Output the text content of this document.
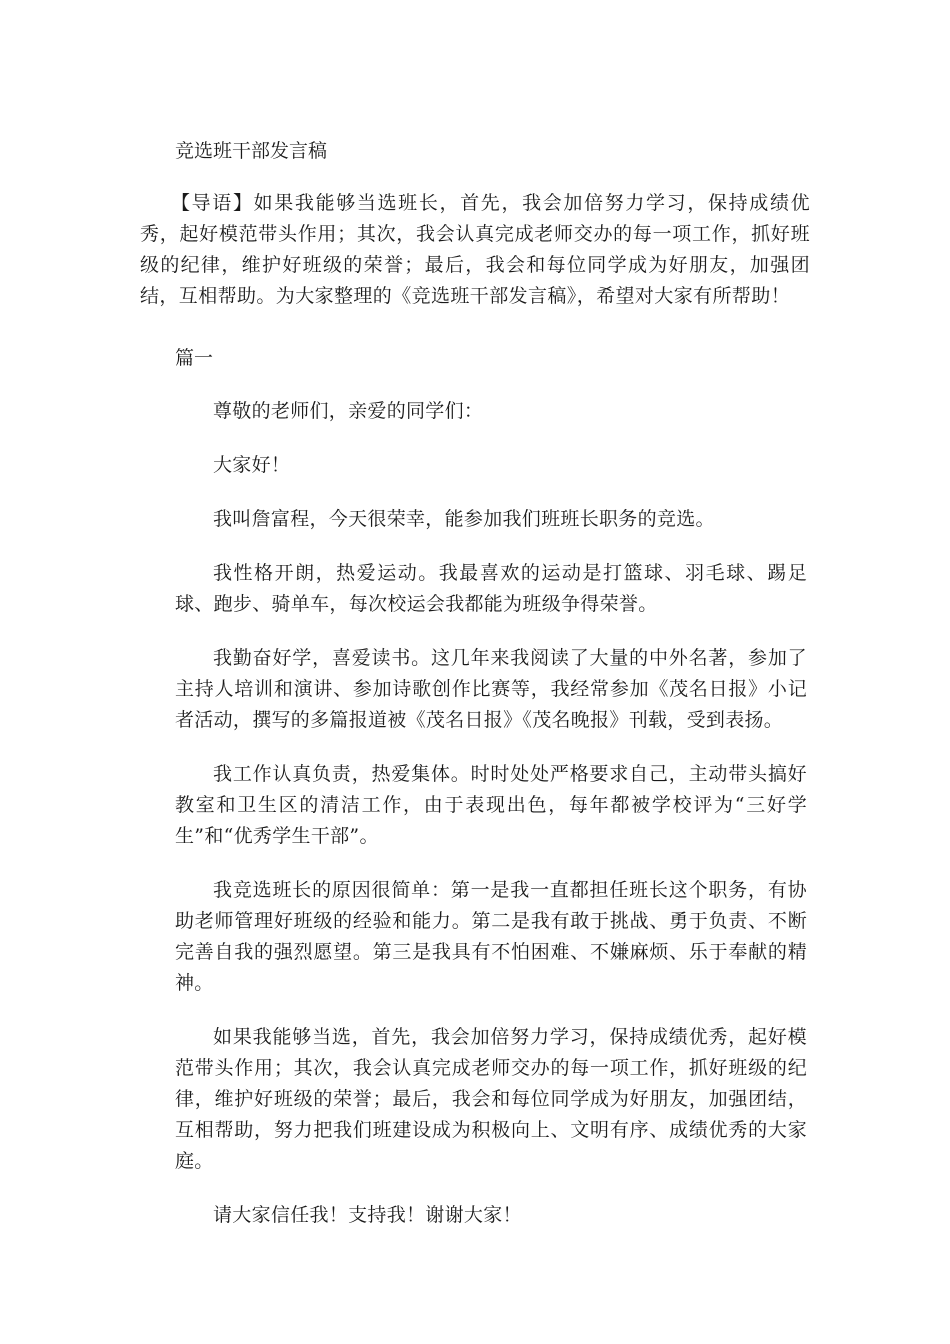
竞选班干部发言稿
【导语】如果我能够当选班长，首先，我会加倍努力学习，保持成绩优秀，起好模范带头作用；其次，我会认真完成老师交办的每一项工作，抓好班级的纪律，维护好班级的荣誉；最后，我会和每位同学成为好朋友，加强团结，互相帮助。为大家整理的《竞选班干部发言稿》，希望对大家有所帮助！
篇一

尊敬的老师们，亲爱的同学们：

大家好！

我叫詹富程，今天很荣幸，能参加我们班班长职务的竞选。

我性格开朗，热爱运动。我最喜欢的运动是打篮球、羽毛球、踢足球、跑步、骑单车，每次校运会我都能为班级争得荣誉。

我勤奋好学，喜爱读书。这几年来我阅读了大量的中外名著，参加了主持人培训和演讲、参加诗歌创作比赛等，我经常参加《茂名日报》小记者活动，撰写的多篇报道被《茂名日报》《茂名晚报》刊载，受到表扬。

我工作认真负责，热爱集体。时时处处严格要求自己，主动带头搞好教室和卫生区的清洁工作，由于表现出色，每年都被学校评为“三好学生”和“优秀学生干部”。

我竞选班长的原因很简单：第一是我一直都担任班长这个职务，有协助老师管理好班级的经验和能力。第二是我有敢于挑战、勇于负责、不断完善自我的强烈愿望。第三是我具有不怕困难、不嫌麻烦、乐于奉献的精神。

如果我能够当选，首先，我会加倍努力学习，保持成绩优秀，起好模范带头作用；其次，我会认真完成老师交办的每一项工作，抓好班级的纪律，维护好班级的荣誉；最后，我会和每位同学成为好朋友，加强团结，互相帮助，努力把我们班建设成为积极向上、文明有序、成绩优秀的大家庭。

请大家信任我！支持我！谢谢大家！
